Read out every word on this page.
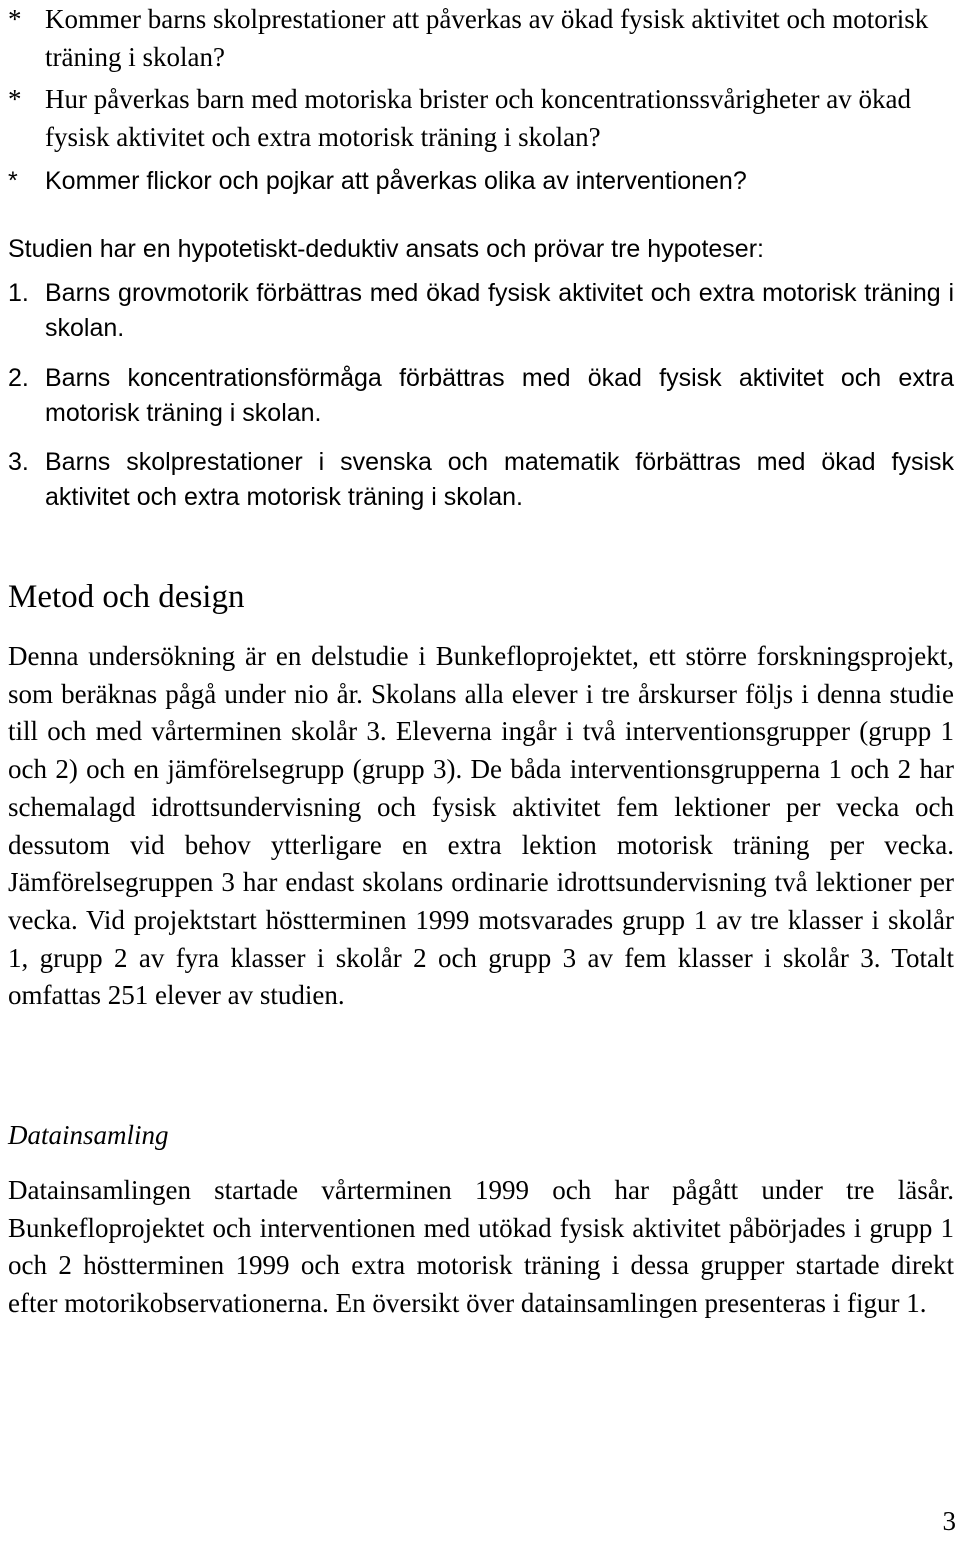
* Kommer barns skolprestationer att påverkas av ökad fysisk aktivitet och motorisk träning i skolan?
* Hur påverkas barn med motoriska brister och koncentrationssvårigheter av ökad fysisk aktivitet och extra motorisk träning i skolan?
*	Kommer flickor och pojkar att påverkas olika av interventionen?
Studien har en hypotetiskt-deduktiv ansats och prövar tre hypoteser:
1. Barns grovmotorik förbättras med ökad fysisk aktivitet och extra motorisk träning i skolan.
2. Barns koncentrationsförmåga förbättras med ökad fysisk aktivitet och extra motorisk träning i skolan.
3. Barns skolprestationer i svenska och matematik förbättras med ökad fysisk aktivitet och extra motorisk träning i skolan.
Metod och design
Denna undersökning är en delstudie i Bunkefloprojektet, ett större forskningsprojekt, som beräknas pågå under nio år. Skolans alla elever i tre årskurser följs i denna studie till och med vårterminen skolår 3. Eleverna ingår i två interventionsgrupper (grupp 1 och 2) och en jämförelsegrupp (grupp 3). De båda interventionsgrupperna 1 och 2 har schemalagd idrottsundervisning och fysisk aktivitet fem lektioner per vecka och dessutom vid behov ytterligare en extra lektion motorisk träning per vecka. Jämförelsegruppen 3 har endast skolans ordinarie idrottsundervisning två lektioner per vecka. Vid projektstart höstterminen 1999 motsvarades grupp 1 av tre klasser i skolår 1, grupp 2 av fyra klasser i skolår 2 och grupp 3 av fem klasser i skolår 3. Totalt omfattas 251 elever av studien.
Datainsamling
Datainsamlingen startade vårterminen 1999 och har pågått under tre läsår. Bunkefloprojektet och interventionen med utökad fysisk aktivitet påbörjades i grupp 1 och 2 höstterminen 1999 och extra motorisk träning i dessa grupper startade direkt efter motorikobservationerna. En översikt över datainsamlingen presenteras i figur 1.
3
